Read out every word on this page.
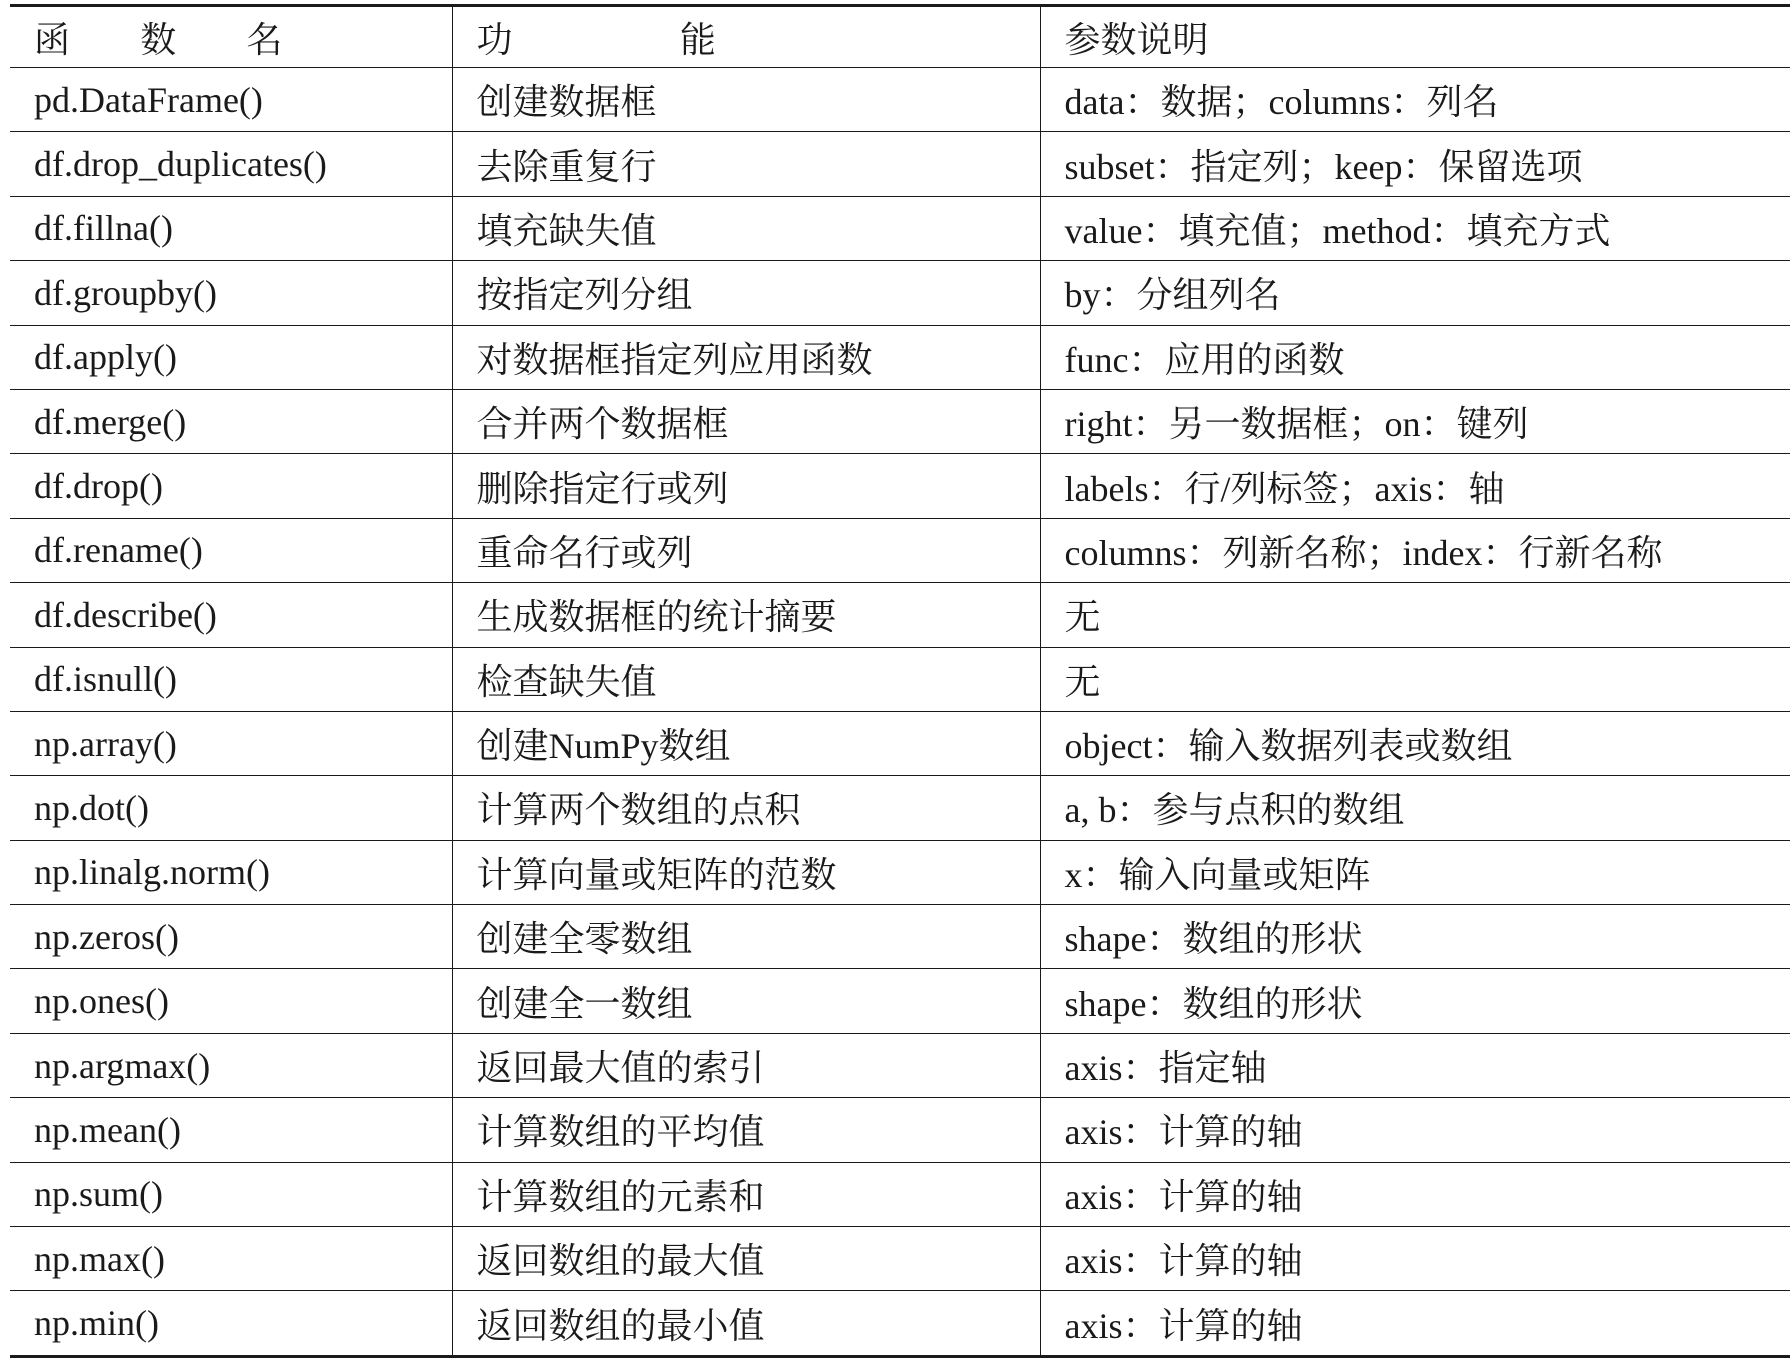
函 数 名	功 能	参数说明
pd.DataFrame()	创建数据框	data：数据；columns：列名
df.drop_duplicates()	去除重复行	subset：指定列；keep：保留选项
df.fillna()	填充缺失值	value：填充值；method：填充方式
df.groupby()	按指定列分组	by：分组列名
df.apply()	对数据框指定列应用函数	func：应用的函数
df.merge()	合并两个数据框	right：另一数据框；on：键列
df.drop()	删除指定行或列	labels：行/列标签；axis：轴
df.rename()	重命名行或列	columns：列新名称；index：行新名称
df.describe()	生成数据框的统计摘要	无
df.isnull()	检查缺失值	无
np.array()	创建NumPy数组	object：输入数据列表或数组
np.dot()	计算两个数组的点积	a, b：参与点积的数组
np.linalg.norm()	计算向量或矩阵的范数	x：输入向量或矩阵
np.zeros()	创建全零数组	shape：数组的形状
np.ones()	创建全一数组	shape：数组的形状
np.argmax()	返回最大值的索引	axis：指定轴
np.mean()	计算数组的平均值	axis：计算的轴
np.sum()	计算数组的元素和	axis：计算的轴
np.max()	返回数组的最大值	axis：计算的轴
np.min()	返回数组的最小值	axis：计算的轴
